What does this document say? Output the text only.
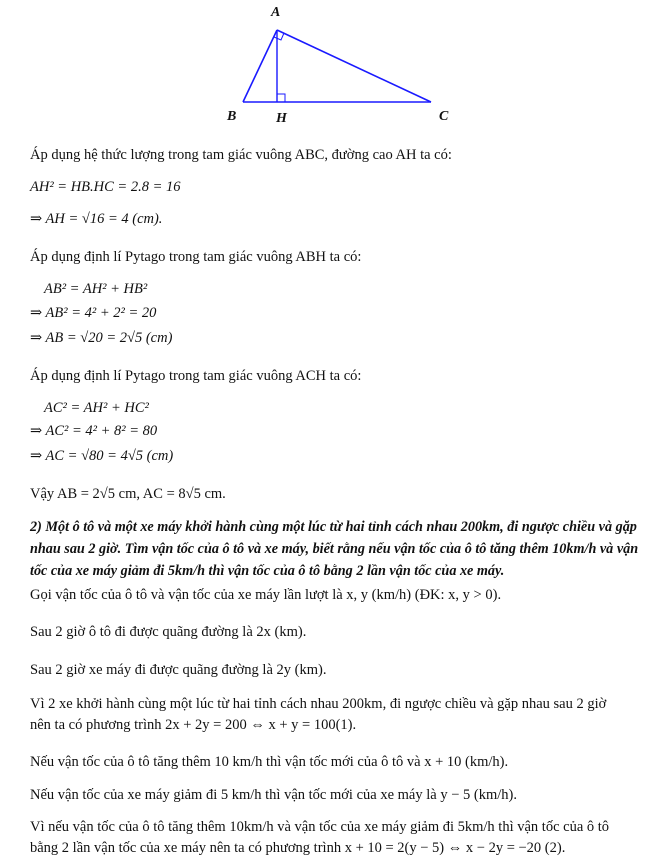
A
B	H	C
Áp dụng hệ thức lượng trong tam giác vuông ABC, đường cao AH ta có:
AH² = HB.HC = 2.8 = 16
⇒ AH = √16 = 4 (cm).
Áp dụng định lí Pytago trong tam giác vuông ABH ta có:
AB² = AH² + HB²
⇒ AB² = 4² + 2² = 20
⇒ AB = √20 = 2√5 (cm)
Áp dụng định lí Pytago trong tam giác vuông ACH ta có:
AC² = AH² + HC²
⇒ AC² = 4² + 8² = 80
⇒ AC = √80 = 4√5 (cm)
Vậy AB = 2√5 cm, AC = 8√5 cm.
2) Một ô tô và một xe máy khởi hành cùng một lúc từ hai tỉnh cách nhau 200km, đi ngược chiều và gặp nhau sau 2 giờ. Tìm vận tốc của ô tô và xe máy, biết rằng nếu vận tốc của ô tô tăng thêm 10km/h và vận tốc của xe máy giảm đi 5km/h thì vận tốc của ô tô bằng 2 lần vận tốc của xe máy.
Gọi vận tốc của ô tô và vận tốc của xe máy lần lượt là x, y (km/h) (ĐK: x, y > 0).
Sau 2 giờ ô tô đi được quãng đường là 2x (km).
Sau 2 giờ xe máy đi được quãng đường là 2y (km).
Vì 2 xe khởi hành cùng một lúc từ hai tỉnh cách nhau 200km, đi ngược chiều và gặp nhau sau 2 giờ nên ta có phương trình 2x + 2y = 200 ⇔ x + y = 100(1).
Nếu vận tốc của ô tô tăng thêm 10 km/h thì vận tốc mới của ô tô và x + 10 (km/h).
Nếu vận tốc của xe máy giảm đi 5 km/h thì vận tốc mới của xe máy là y − 5 (km/h).
Vì nếu vận tốc của ô tô tăng thêm 10km/h và vận tốc của xe máy giảm đi 5km/h thì vận tốc của ô tô bằng 2 lần vận tốc của xe máy nên ta có phương trình x + 10 = 2(y − 5) ⇔ x − 2y = −20 (2).
